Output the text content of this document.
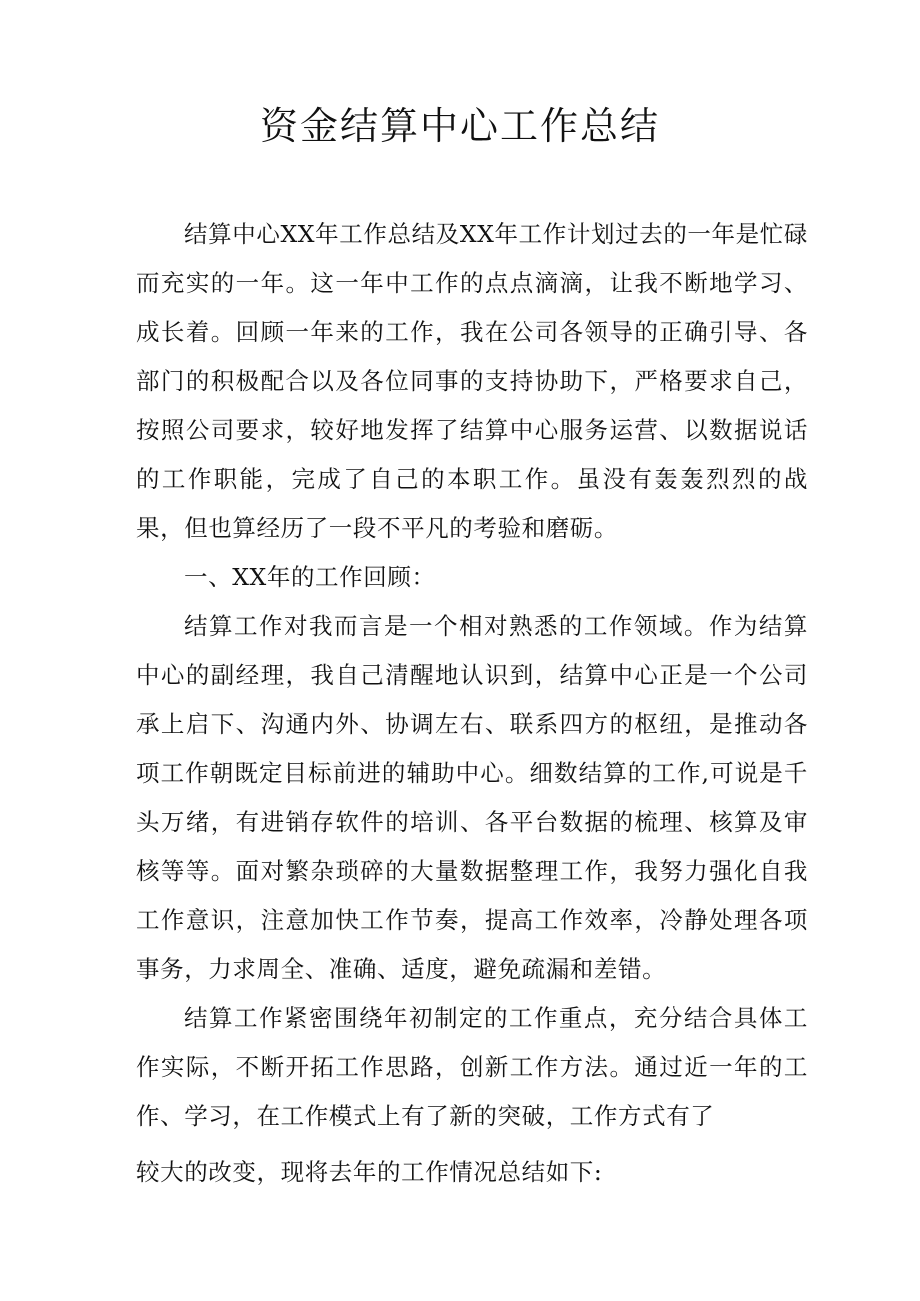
资金结算中心工作总结

结算中心XX年工作总结及XX年工作计划过去的一年是忙碌而充实的一年。这一年中工作的点点滴滴，让我不断地学习、成长着。回顾一年来的工作，我在公司各领导的正确引导、各部门的积极配合以及各位同事的支持协助下，严格要求自己，按照公司要求，较好地发挥了结算中心服务运营、以数据说话的工作职能，完成了自己的本职工作。虽没有轰轰烈烈的战果，但也算经历了一段不平凡的考验和磨砺。

一、XX年的工作回顾：

结算工作对我而言是一个相对熟悉的工作领域。作为结算中心的副经理，我自己清醒地认识到，结算中心正是一个公司承上启下、沟通内外、协调左右、联系四方的枢纽，是推动各项工作朝既定目标前进的辅助中心。细数结算的工作,可说是千头万绪，有进销存软件的培训、各平台数据的梳理、核算及审核等等。面对繁杂琐碎的大量数据整理工作，我努力强化自我工作意识，注意加快工作节奏，提高工作效率，冷静处理各项事务，力求周全、准确、适度，避免疏漏和差错。

结算工作紧密围绕年初制定的工作重点，充分结合具体工作实际，不断开拓工作思路，创新工作方法。通过近一年的工作、学习，在工作模式上有了新的突破，工作方式有了

较大的改变，现将去年的工作情况总结如下:
